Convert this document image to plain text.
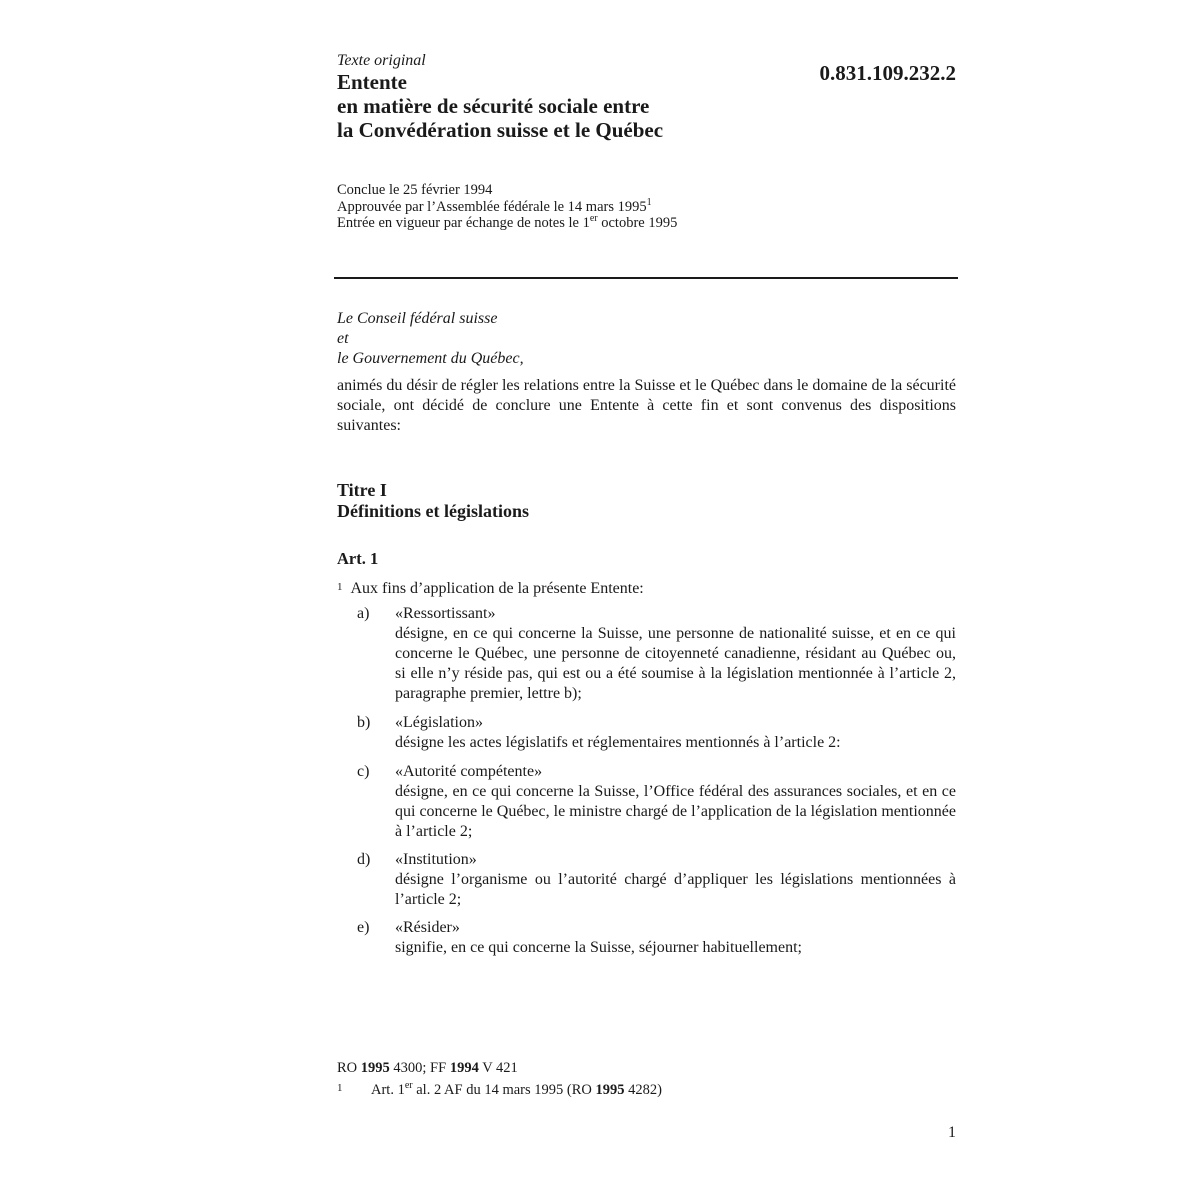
Texte original
Entente
en matière de sécurité sociale entre
la Convédération suisse et le Québec
0.831.109.232.2
Conclue le 25 février 1994
Approuvée par l’Assemblée fédérale le 14 mars 1995$^1$
Entrée en vigueur par échange de notes le 1er octobre 1995
Le Conseil fédéral suisse
et
le Gouvernement du Québec,
animés du désir de régler les relations entre la Suisse et le Québec dans le domaine de la sécurité sociale, ont décidé de conclure une Entente à cette fin et sont convenus des dispositions suivantes:
Titre I
Définitions et législations
Art. 1
1 Aux fins d’application de la présente Entente:
a) «Ressortissant»
désigne, en ce qui concerne la Suisse, une personne de nationalité suisse, et en ce qui concerne le Québec, une personne de citoyenneté canadienne, résidant au Québec ou, si elle n’y réside pas, qui est ou a été soumise à la législation mentionnée à l’article 2, paragraphe premier, lettre b);
b) «Législation»
désigne les actes législatifs et réglementaires mentionnés à l’article 2:
c) «Autorité compétente»
désigne, en ce qui concerne la Suisse, l’Office fédéral des assurances sociales, et en ce qui concerne le Québec, le ministre chargé de l’application de la législation mentionnée à l’article 2;
d) «Institution»
désigne l’organisme ou l’autorité chargé d’appliquer les législations mentionnées à l’article 2;
e) «Résider»
signifie, en ce qui concerne la Suisse, séjourner habituellement;
RO 1995 4300; FF 1994 V 421
1 Art. 1er al. 2 AF du 14 mars 1995 (RO 1995 4282)
1
